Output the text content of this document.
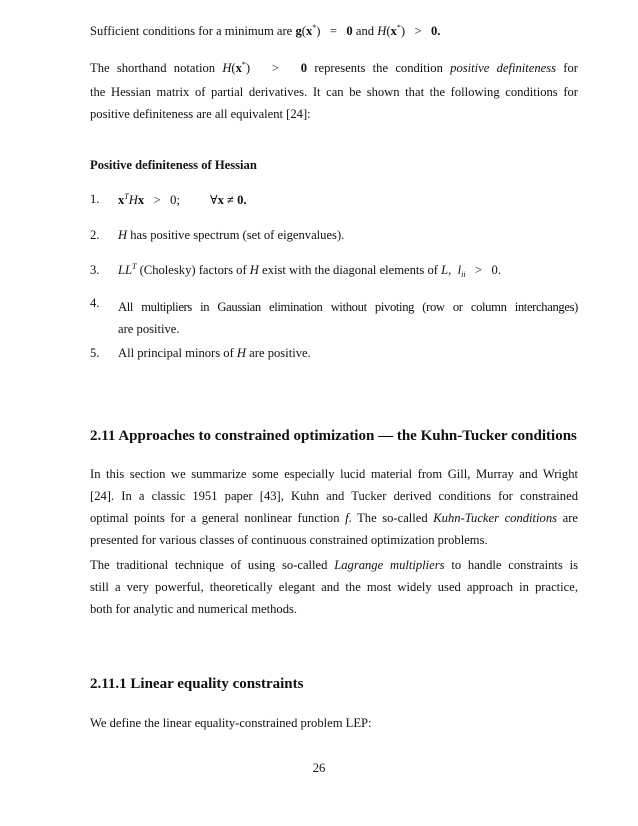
Sufficient conditions for a minimum are g(x*)   =   0 and H(x*)   >   0.

The shorthand notation H(x*)   >   0 represents the condition positive definiteness for
the Hessian matrix of partial derivatives. It can be shown that the following conditions for
positive definiteness are all equivalent [24]:
Positive definiteness of Hessian
1. $x^THx > 0$; ∀x ≠ 0.
2. H has positive spectrum (set of eigenvalues).
3. $LL^T$ (Cholesky) factors of H exist with the diagonal elements of L,  $l_{ii} > 0$.
4. All multipliers in Gaussian elimination without pivoting (row or column interchanges)
are positive.
5. All principal minors of H are positive.
2.11 Approaches to constrained optimization — the Kuhn-Tucker conditions
In this section we summarize some especially lucid material from Gill, Murray and Wright
[24]. In a classic 1951 paper [43], Kuhn and Tucker derived conditions for constrained
optimal points for a general nonlinear function f. The so-called Kuhn-Tucker conditions are
presented for various classes of continuous constrained optimization problems.
The traditional technique of using so-called Lagrange multipliers to handle constraints is
still a very powerful, theoretically elegant and the most widely used approach in practice,
both for analytic and numerical methods.
2.11.1 Linear equality constraints
We define the linear equality-constrained problem LEP:
26
